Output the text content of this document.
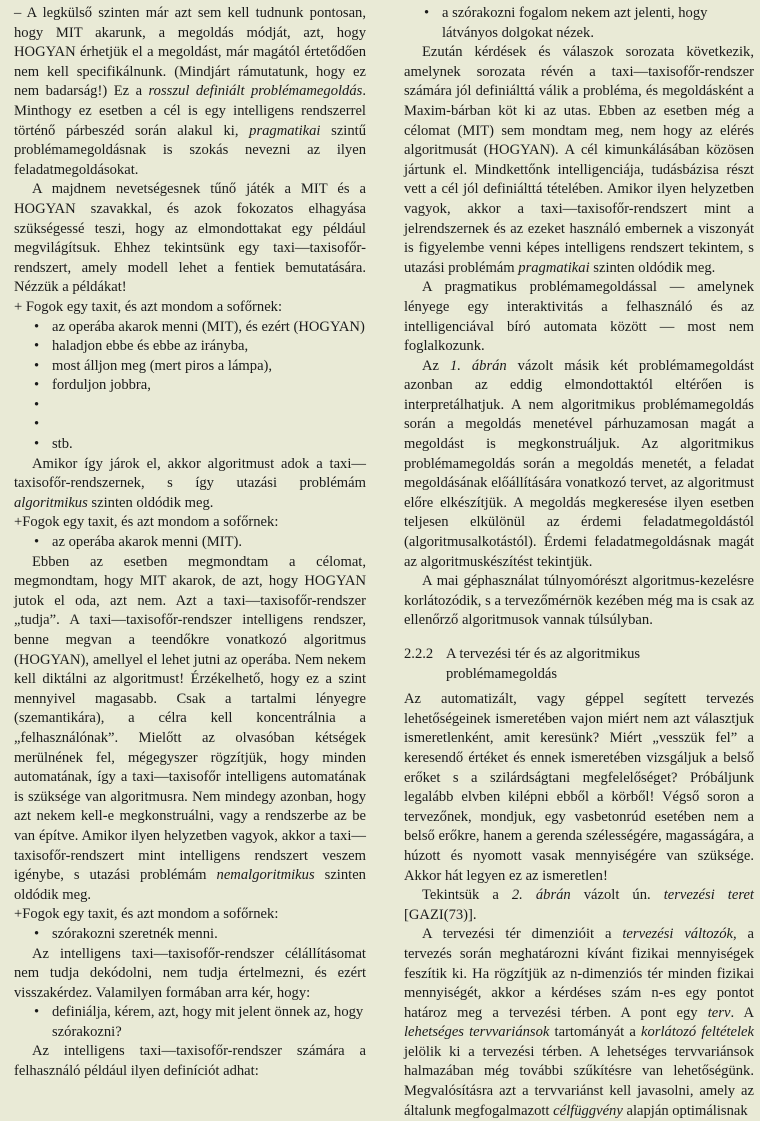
– A legkülső szinten már azt sem kell tudnunk pontosan, hogy MIT akarunk, a megoldás módját, azt, hogy HOGYAN érhetjük el a megoldást, már magától értetődően nem kell specifikálnunk. (Mindjárt rámutatunk, hogy ez nem badarság!) Ez a rosszul definiált problémamegoldás. Minthogy ez esetben a cél is egy intelligens rendszerrel történő párbeszéd során alakul ki, pragmatikai szintű problémamegoldásnak is szokás nevezni az ilyen feladatmegoldásokat.

A majdnem nevetségesnek tűnő játék a MIT és a HOGYAN szavakkal, és azok fokozatos elhagyása szükségessé teszi, hogy az elmondottakat egy például megvilágítsuk. Ehhez tekintsünk egy taxi—taxisofőr-rendszert, amely modell lehet a fentiek bemutatására. Nézzük a példákat!

+ Fogok egy taxit, és azt mondom a sofőrnek:

• az operába akarok menni (MIT), és ezért (HOGYAN)
• haladjon ebbe és ebbe az irányba,
• most álljon meg (mert piros a lámpa),
• forduljon jobbra,
•

•

• stb.

Amikor így járok el, akkor algoritmust adok a taxi—taxisofőr-rendszernek, s így utazási problémám algoritmikus szinten oldódik meg.

+Fogok egy taxit, és azt mondom a sofőrnek:

• az operába akarok menni (MIT).

Ebben az esetben megmondtam a célomat, megmondtam, hogy MIT akarok, de azt, hogy HOGYAN jutok el oda, azt nem. Azt a taxi—taxisofőr-rendszer „tudja”. A taxi—taxisofőr-rendszer intelligens rendszer, benne megvan a teendőkre vonatkozó algoritmus (HOGYAN), amellyel el lehet jutni az operába. Nem nekem kell diktálni az algoritmust! Érzékelhető, hogy ez a szint mennyivel magasabb. Csak a tartalmi lényegre (szemantikára), a célra kell koncentrálnia a „felhasználónak”. Mielőtt az olvasóban kétségek merülnének fel, mégegyszer rögzítjük, hogy minden automatának, így a taxi—taxisofőr intelligens automatának is szüksége van algoritmusra. Nem mindegy azonban, hogy azt nekem kell-e megkonstruálni, vagy a rendszerbe az be van építve. Amikor ilyen helyzetben vagyok, akkor a taxi—taxisofőr-rendszert mint intelligens rendszert veszem igénybe, s utazási problémám nemalgoritmikus szinten oldódik meg.

+Fogok egy taxit, és azt mondom a sofőrnek:

• szórakozni szeretnék menni.

Az intelligens taxi—taxisofőr-rendszer célállításomat nem tudja dekódolni, nem tudja értelmezni, és ezért visszakérdez. Valamilyen formában arra kér, hogy:

• definiálja, kérem, azt, hogy mit jelent önnek az, hogy szórakozni?

Az intelligens taxi—taxisofőr-rendszer számára a felhasználó például ilyen definíciót adhat:

• a szórakozni fogalom nekem azt jelenti, hogy látványos dolgokat nézek.

Ezután kérdések és válaszok sorozata következik, amelynek sorozata révén a taxi—taxisofőr-rendszer számára jól definiálttá válik a probléma, és megoldásként a Maxim-bárban köt ki az utas. Ebben az esetben még a célomat (MIT) sem mondtam meg, nem hogy az elérés algoritmusát (HOGYAN). A cél kimunkálásában közösen jártunk el. Mindkettőnk intelligenciája, tudásbázisa részt vett a cél jól definiálttá tételében. Amikor ilyen helyzetben vagyok, akkor a taxi—taxisofőr-rendszert mint a jelrendszernek és az ezeket használó embernek a viszonyát is figyelembe venni képes intelligens rendszert tekintem, s utazási problémám pragmatikai szinten oldódik meg.

A pragmatikus problémamegoldással — amelynek lényege egy interaktivitás a felhasználó és az intelligenciával bíró automata között — most nem foglalkozunk.

Az 1. ábrán vázolt másik két problémamegoldást azonban az eddig elmondottaktól eltérően is interpretálhatjuk. A nem algoritmikus problémamegoldás során a megoldás menetével párhuzamosan magát a megoldást is megkonstruáljuk. Az algoritmikus problémamegoldás során a megoldás menetét, a feladat megoldásának előállítására vonatkozó tervet, az algoritmust előre elkészítjük. A megoldás megkeresése ilyen esetben teljesen elkülönül az érdemi feladatmegoldástól (algoritmusalkotástól). Érdemi feladatmegoldásnak magát az algoritmuskészítést tekintjük.

A mai géphasználat túlnyomórészt algoritmus-kezelésre korlátozódik, s a tervezőmérnök kezében még ma is csak az ellenőrző algoritmusok vannak túlsúlyban.

2.2.2 A tervezési tér és az algoritmikus problémamegoldás

Az automatizált, vagy géppel segített tervezés lehetőségeinek ismeretében vajon miért nem azt választjuk ismeretlenként, amit keresünk? Miért „vesszük fel” a keresendő értéket és ennek ismeretében vizsgáljuk a belső erőket s a szilárdságtani megfelelőséget? Próbáljunk legalább elvben kilépni ebből a körből! Végső soron a tervezőnek, mondjuk, egy vasbetonrúd esetében nem a belső erőkre, hanem a gerenda szélességére, magasságára, a húzott és nyomott vasak mennyiségére van szüksége. Akkor hát legyen ez az ismeretlen!

Tekintsük a 2. ábrán vázolt ún. tervezési teret [GAZI(73)].

A tervezési tér dimenzióit a tervezési változók, a tervezés során meghatározni kívánt fizikai mennyiségek feszítik ki. Ha rögzítjük az n-dimenziós tér minden fizikai mennyiségét, akkor a kérdéses szám n-es egy pontot határoz meg a tervezési térben. A pont egy terv. A lehetséges tervvariánsok tartományát a korlátozó feltételek jelölik ki a tervezési térben. A lehetséges tervvariánsok halmazában még további szűkítésre van lehetőségünk. Megvalósításra azt a tervvariánst kell javasolni, amely az általunk megfogalmazott célfüggvény alapján optimálisnak
